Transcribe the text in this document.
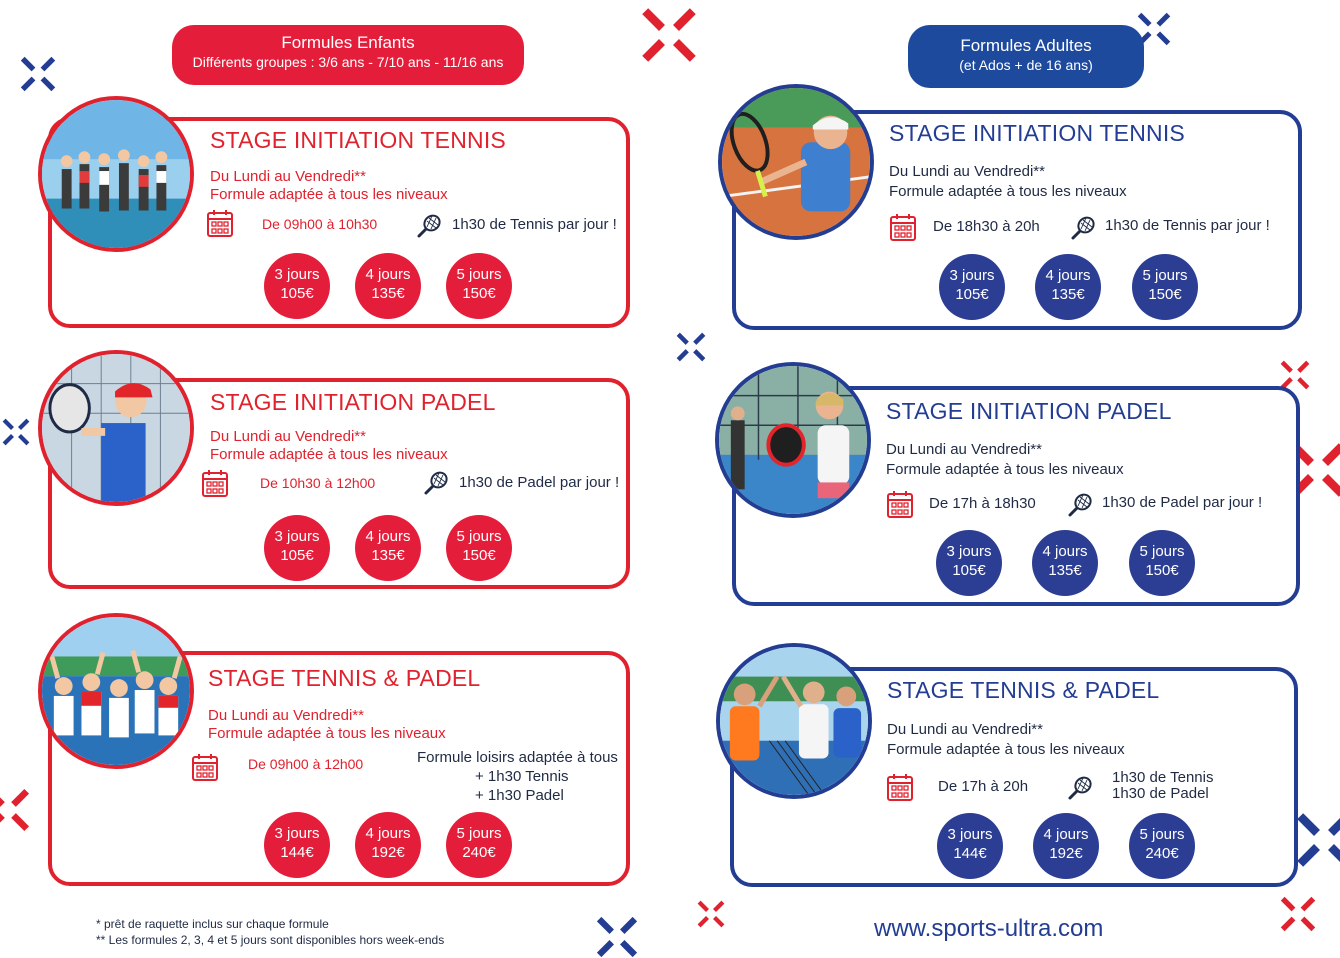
Formules Enfants
Différents groupes : 3/6 ans - 7/10 ans - 11/16 ans
Formules Adultes
(et Ados + de 16 ans)
STAGE INITIATION TENNIS
Du Lundi au Vendredi**
Formule adaptée à tous les niveaux
De 09h00 à 10h30	1h30 de Tennis par jour !
3 jours
105€
4 jours
135€
5 jours
150€
STAGE INITIATION PADEL
Du Lundi au Vendredi**
Formule adaptée à tous les niveaux
De 10h30 à 12h00	1h30 de Padel par jour !
3 jours
105€
4 jours
135€
5 jours
150€
STAGE TENNIS & PADEL
Du Lundi au Vendredi**
Formule adaptée à tous les niveaux
De 09h00 à 12h00	Formule loisirs adaptée à tous
+ 1h30 Tennis
+ 1h30 Padel
3 jours
144€
4 jours
192€
5 jours
240€
STAGE INITIATION TENNIS
Du Lundi au Vendredi**
Formule adaptée à tous les niveaux
De 18h30 à 20h	1h30 de Tennis par jour !
3 jours
105€
4 jours
135€
5 jours
150€
STAGE INITIATION PADEL
Du Lundi au Vendredi**
Formule adaptée à tous les niveaux
De 17h à 18h30	1h30 de Padel par jour !
3 jours
105€
4 jours
135€
5 jours
150€
STAGE TENNIS & PADEL
Du Lundi au Vendredi**
Formule adaptée à tous les niveaux
De 17h à 20h
1h30 de Tennis
1h30 de Padel
3 jours
144€
4 jours
192€
5 jours
240€
* prêt de raquette inclus sur chaque formule
** Les formules 2, 3, 4 et 5 jours sont disponibles hors week-ends	www.sports-ultra.com
